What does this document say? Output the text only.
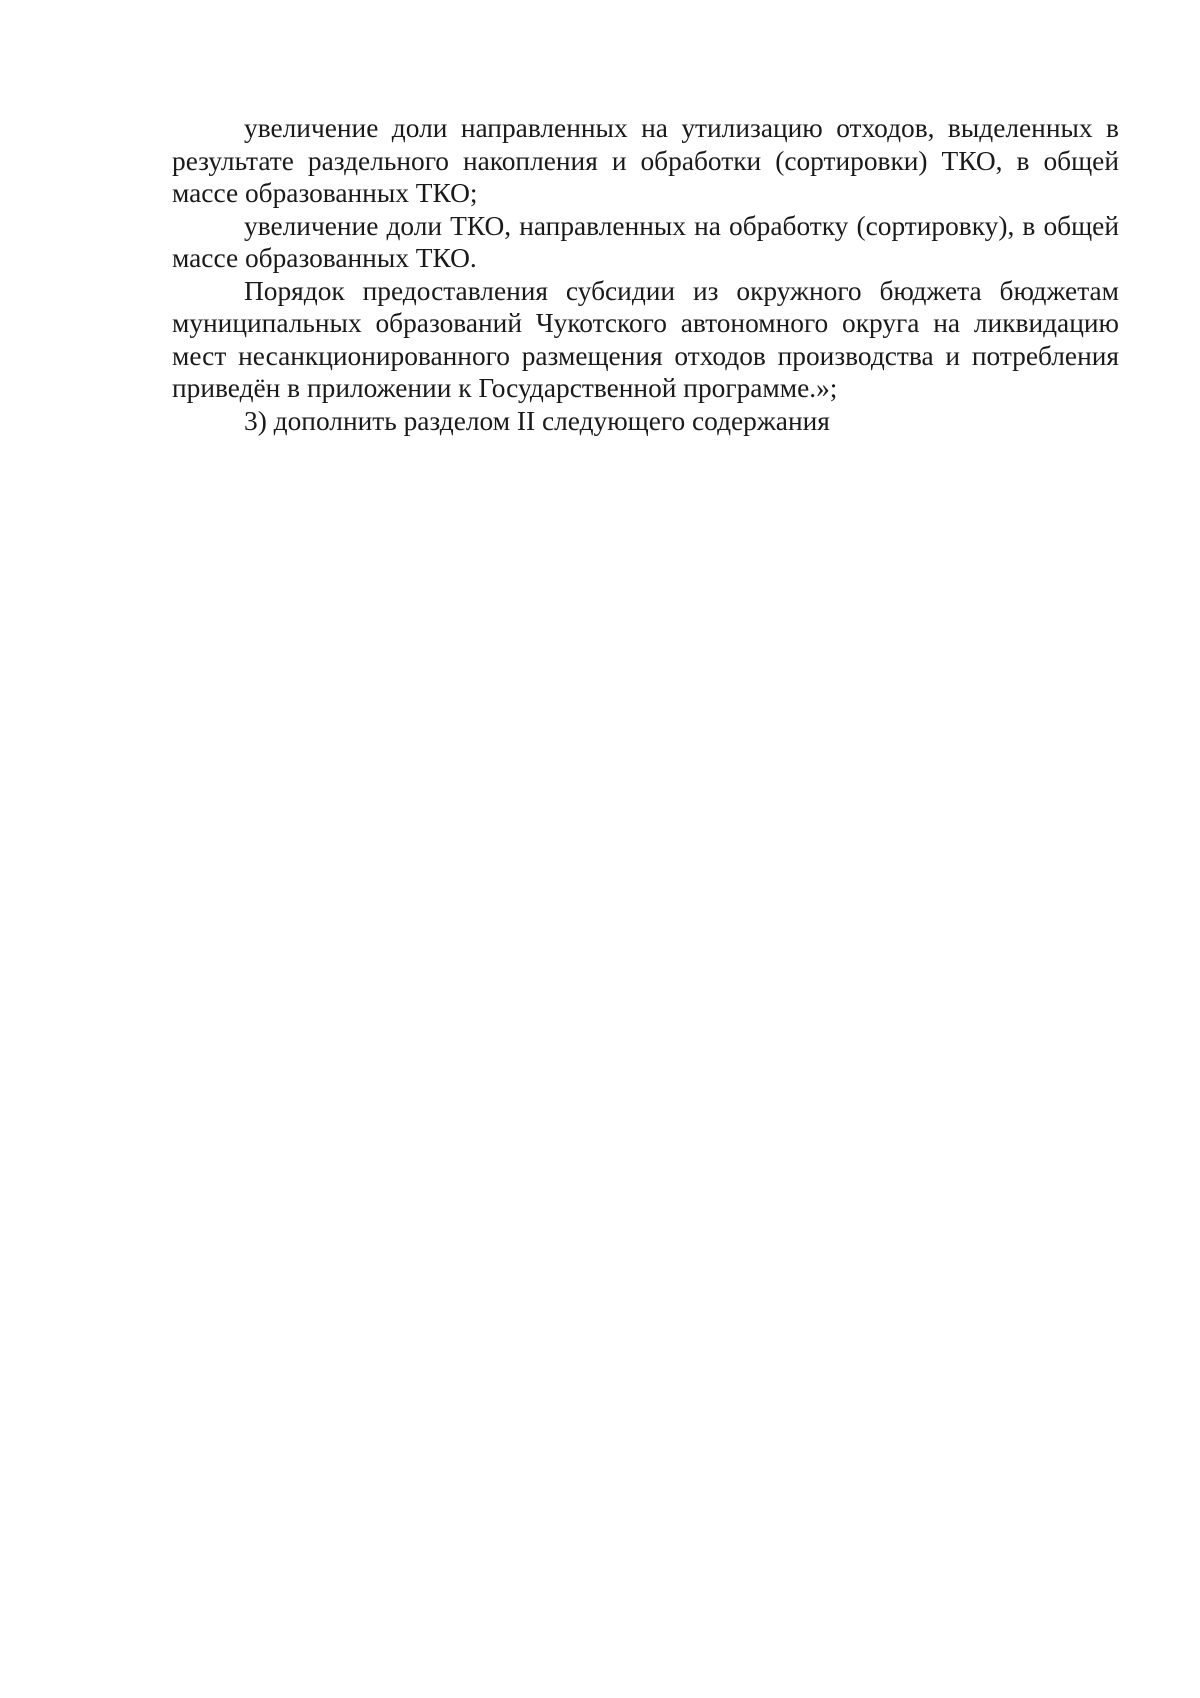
увеличение доли направленных на утилизацию отходов, выделенных в результате раздельного накопления и обработки (сортировки) ТКО, в общей массе образованных ТКО;

увеличение доли ТКО, направленных на обработку (сортировку), в общей массе образованных ТКО.

Порядок предоставления субсидии из окружного бюджета бюджетам муниципальных образований Чукотского автономного округа на ликвидацию мест несанкционированного размещения отходов производства и потребления приведён в приложении к Государственной программе.»;

3) дополнить разделом II следующего содержания
